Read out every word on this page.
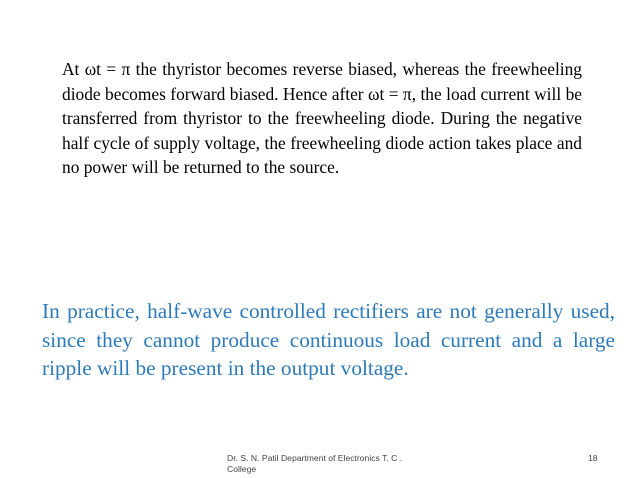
At ωt = π the thyristor becomes reverse biased, whereas the freewheeling diode becomes forward biased. Hence after ωt = π, the load current will be transferred from thyristor to the freewheeling diode. During the negative half cycle of supply voltage, the freewheeling diode action takes place and no power will be returned to the source.

In practice, half-wave controlled rectifiers are not generally used, since they cannot produce continuous load current and a large ripple will be present in the output voltage.

Dr. S. N. Patil Department of Electronics T. C . College

18
